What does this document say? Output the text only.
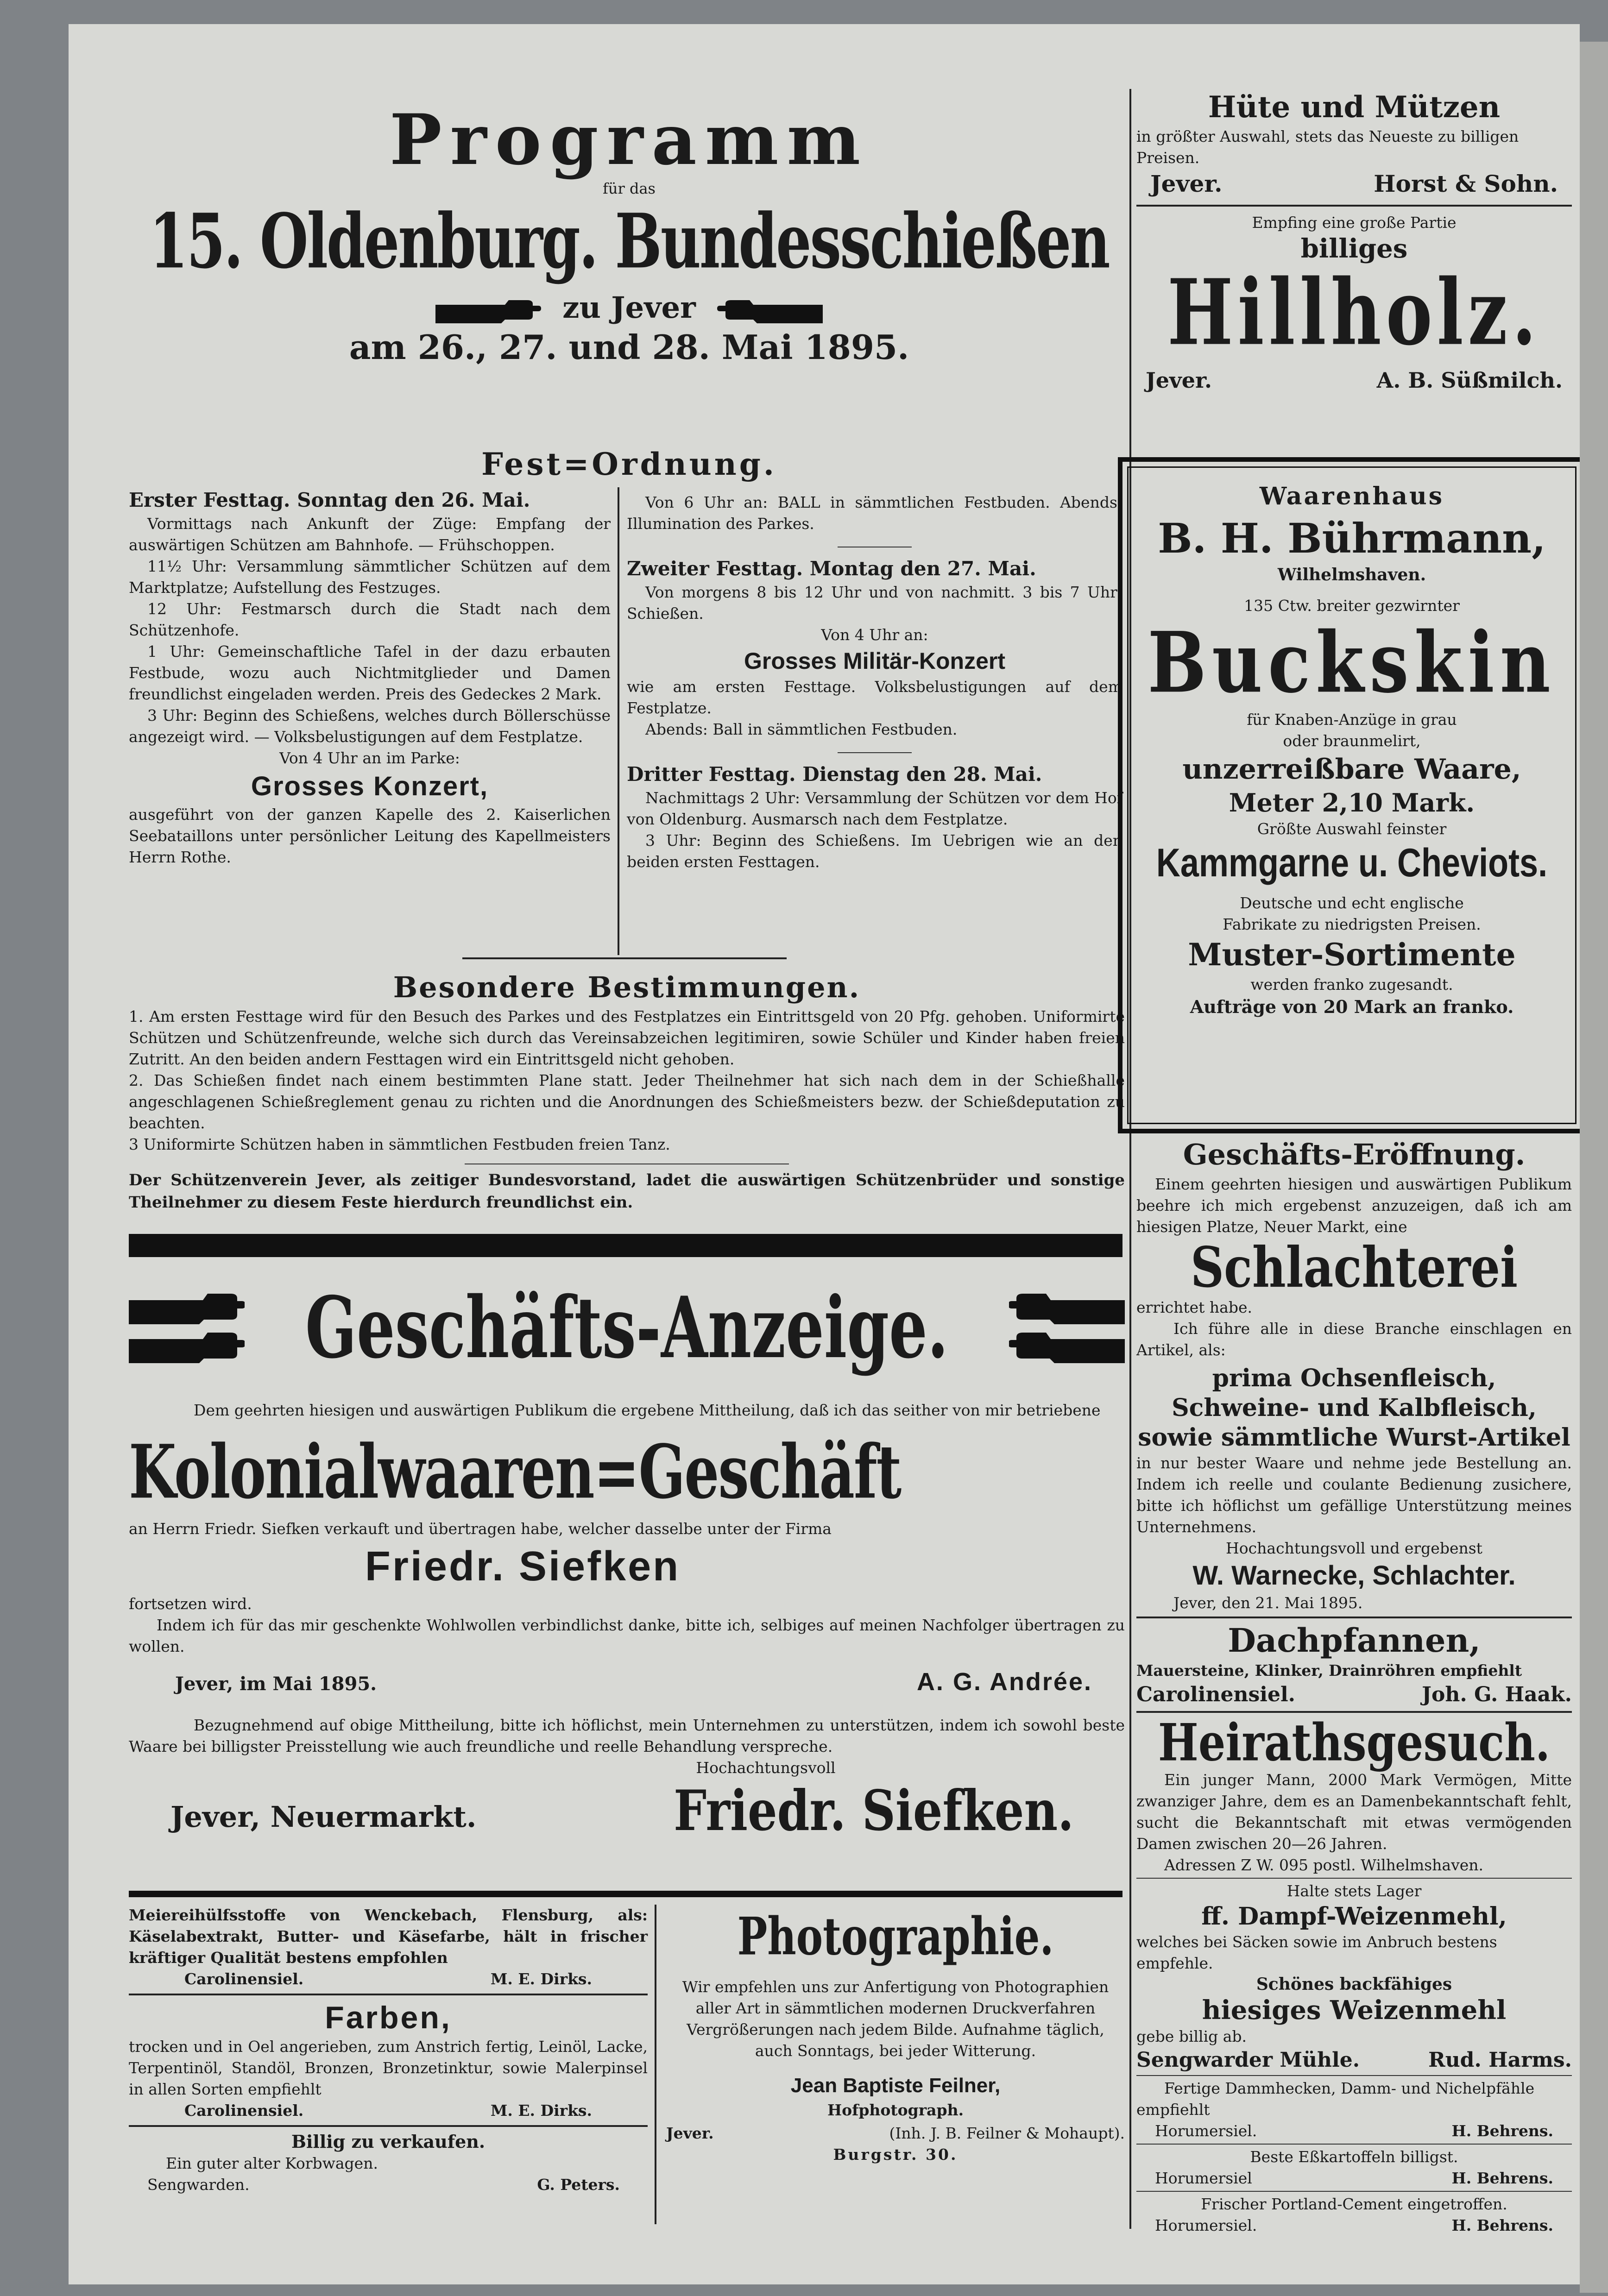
Programm
für das
15. Oldenburg. Bundesschießen
zu Jever
am 26., 27. und 28. Mai 1895.
Fest=Ordnung.
Erster Festtag. Sonntag den 26. Mai.

Vormittags nach Ankunft der Züge: Empfang der auswärtigen Schützen am Bahnhofe. — Frühschoppen.

11½ Uhr: Versammlung sämmtlicher Schützen auf dem Marktplatze; Aufstellung des Festzuges.

12 Uhr: Festmarsch durch die Stadt nach dem Schützenhofe.

1 Uhr: Gemeinschaftliche Tafel in der dazu erbauten Festbude, wozu auch Nichtmitglieder und Damen freundlichst eingeladen werden. Preis des Gedeckes 2 Mark.

3 Uhr: Beginn des Schießens, welches durch Böllerschüsse angezeigt wird. — Volksbelustigungen auf dem Festplatze.

Von 4 Uhr an im Parke:

Grosses Konzert,

ausgeführt von der ganzen Kapelle des 2. Kaiserlichen Seebataillons unter persönlicher Leitung des Kapellmeisters Herrn Rothe.

Von 6 Uhr an: BALL in sämmtlichen Festbuden. Abends: Illumination des Parkes.

Zweiter Festtag. Montag den 27. Mai.

Von morgens 8 bis 12 Uhr und von nachmitt. 3 bis 7 Uhr: Schießen.

Von 4 Uhr an:

Grosses Militär-Konzert

wie am ersten Festtage. Volksbelustigungen auf dem Festplatze.

Abends: Ball in sämmtlichen Festbuden.

Dritter Festtag. Dienstag den 28. Mai.

Nachmittags 2 Uhr: Versammlung der Schützen vor dem Hof von Oldenburg. Ausmarsch nach dem Festplatze.

3 Uhr: Beginn des Schießens. Im Uebrigen wie an den beiden ersten Festtagen.

Besondere Bestimmungen.

1. Am ersten Festtage wird für den Besuch des Parkes und des Festplatzes ein Eintrittsgeld von 20 Pfg. gehoben. Uniformirte Schützen und Schützenfreunde, welche sich durch das Vereinsabzeichen legitimiren, sowie Schüler und Kinder haben freien Zutritt. An den beiden andern Festtagen wird ein Eintrittsgeld nicht gehoben.

2. Das Schießen findet nach einem bestimmten Plane statt. Jeder Theilnehmer hat sich nach dem in der Schießhalle angeschlagenen Schießreglement genau zu richten und die Anordnungen des Schießmeisters bezw. der Schießdeputation zu beachten.

3 Uniformirte Schützen haben in sämmtlichen Festbuden freien Tanz.

Der Schützenverein Jever, als zeitiger Bundesvorstand, ladet die auswärtigen Schützenbrüder und sonstige Theilnehmer zu diesem Feste hierdurch freundlichst ein.

Geschäfts-Anzeige.

Dem geehrten hiesigen und auswärtigen Publikum die ergebene Mittheilung, daß ich das seither von mir betriebene

Kolonialwaaren=Geschäft

an Herrn Friedr. Siefken verkauft und übertragen habe, welcher dasselbe unter der Firma

Friedr. Siefken

fortsetzen wird.

Indem ich für das mir geschenkte Wohlwollen verbindlichst danke, bitte ich, selbiges auf meinen Nachfolger übertragen zu wollen.

Jever, im Mai 1895.	A. G. Andrée.

Bezugnehmend auf obige Mittheilung, bitte ich höflichst, mein Unternehmen zu unterstützen, indem ich sowohl beste Waare bei billigster Preisstellung wie auch freundliche und reelle Behandlung verspreche.

Hochachtungsvoll

Jever, Neuermarkt.	Friedr. Siefken.

Meiereihülfsstoffe von Wenckebach, Flensburg, als: Käselabextrakt, Butter- und Käsefarbe, hält in frischer kräftiger Qualität bestens empfohlen

Carolinensiel.	M. E. Dirks.
Farben,

trocken und in Oel angerieben, zum Anstrich fertig, Leinöl, Lacke, Terpentinöl, Standöl, Bronzen, Bronzetinktur, sowie Malerpinsel in allen Sorten empfiehlt

Carolinensiel.	M. E. Dirks.
Billig zu verkaufen.

Ein guter alter Korbwagen.

Sengwarden.	G. Peters.
Photographie.

Wir empfehlen uns zur Anfertigung von Photographien aller Art in sämmtlichen modernen Druckverfahren Vergrößerungen nach jedem Bilde. Aufnahme täglich, auch Sonntags, bei jeder Witterung.

Jean Baptiste Feilner,
Hofphotograph.
Jever.	(Inh. J. B. Feilner & Mohaupt).
Burgstr. 30.
Hüte und Mützen

in größter Auswahl, stets das Neueste zu billigen Preisen.

Jever.	Horst & Sohn.

Empfing eine große Partie

billiges
Hillholz.
Jever.	A. B. Süßmilch.
Waarenhaus
B. H. Bührmann,
Wilhelmshaven.
135 Ctw. breiter gezwirnter
Buckskin
für Knaben-Anzüge in grau oder braunmelirt,
unzerreißbare Waare,
Meter 2,10 Mark.
Größte Auswahl feinster
Kammgarne u. Cheviots.
Deutsche und echt englische Fabrikate zu niedrigsten Preisen.
Muster-Sortimente
werden franko zugesandt.
Aufträge von 20 Mark an franko.
Geschäfts-Eröffnung.

Einem geehrten hiesigen und auswärtigen Publikum beehre ich mich ergebenst anzuzeigen, daß ich am hiesigen Platze, Neuer Markt, eine

Schlachterei

errichtet habe.

Ich führe alle in diese Branche einschlagen en Artikel, als:

prima Ochsenfleisch,
Schweine- und Kalbfleisch,
sowie sämmtliche Wurst-Artikel

in nur bester Waare und nehme jede Bestellung an. Indem ich reelle und coulante Bedienung zusichere, bitte ich höflichst um gefällige Unterstützung meines Unternehmens.

Hochachtungsvoll und ergebenst

W. Warnecke, Schlachter.

Jever, den 21. Mai 1895.

Dachpfannen,

Mauersteine, Klinker, Drainröhren empfiehlt

Carolinensiel.	Joh. G. Haak.
Heirathsgesuch.

Ein junger Mann, 2000 Mark Vermögen, Mitte zwanziger Jahre, dem es an Damenbekanntschaft fehlt, sucht die Bekanntschaft mit etwas vermögenden Damen zwischen 20—26 Jahren.

Adressen Z W. 095 postl. Wilhelmshaven.

Halte stets Lager

ff. Dampf-Weizenmehl,

welches bei Säcken sowie im Anbruch bestens empfehle.

Schönes backfähiges
hiesiges Weizenmehl

gebe billig ab.

Sengwarder Mühle.	Rud. Harms.

Fertige Dammhecken, Damm- und Nichelpfähle empfiehlt

Horumersiel.	H. Behrens.

Beste Eßkartoffeln billigst.

Horumersiel	H. Behrens.

Frischer Portland-Cement eingetroffen.

Horumersiel.	H. Behrens.
